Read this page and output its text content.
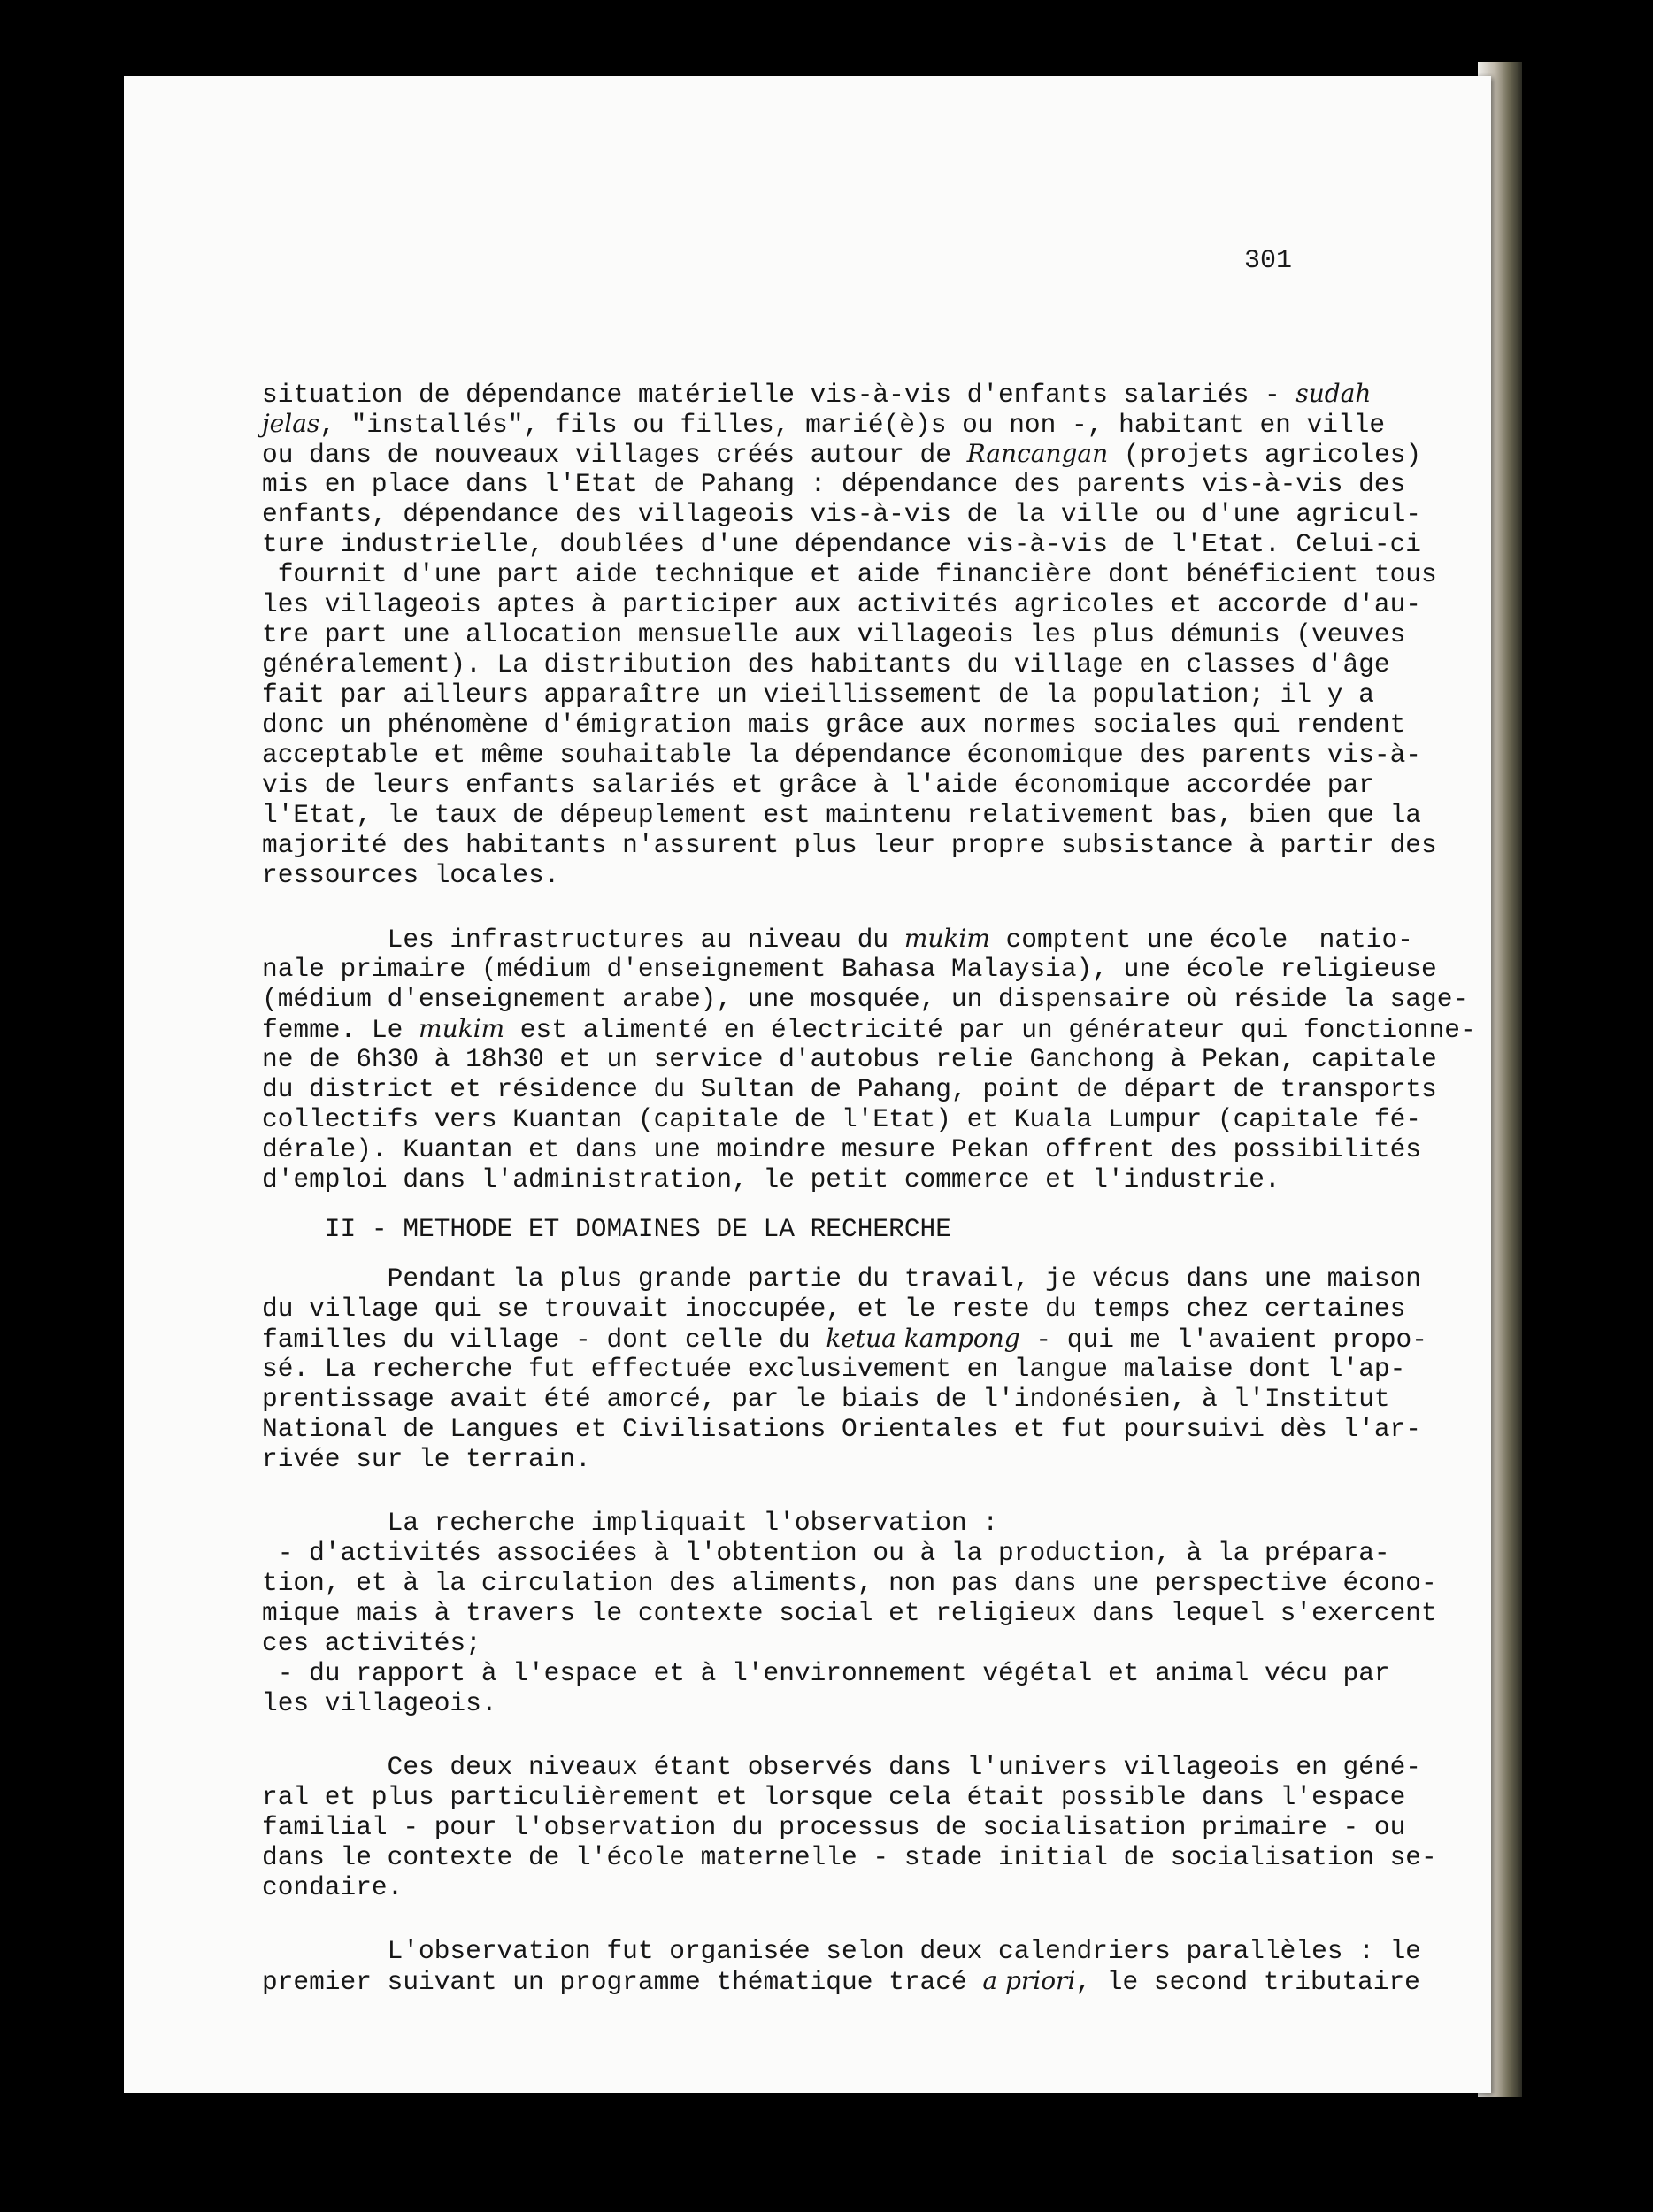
301
situation de dépendance matérielle vis-à-vis d'enfants salariés - sudah
jelas, "installés", fils ou filles, marié(è)s ou non -, habitant en ville
ou dans de nouveaux villages créés autour de Rancangan (projets agricoles)
mis en place dans l'Etat de Pahang : dépendance des parents vis-à-vis des
enfants, dépendance des villageois vis-à-vis de la ville ou d'une agricul-
ture industrielle, doublées d'une dépendance vis-à-vis de l'Etat. Celui-ci
fournit d'une part aide technique et aide financière dont bénéficient tous
les villageois aptes à participer aux activités agricoles et accorde d'au-
tre part une allocation mensuelle aux villageois les plus démunis (veuves
généralement). La distribution des habitants du village en classes d'âge
fait par ailleurs apparaître un vieillissement de la population; il y a
donc un phénomène d'émigration mais grâce aux normes sociales qui rendent
acceptable et même souhaitable la dépendance économique des parents vis-à-
vis de leurs enfants salariés et grâce à l'aide économique accordée par
l'Etat, le taux de dépeuplement est maintenu relativement bas, bien que la
majorité des habitants n'assurent plus leur propre subsistance à partir des
ressources locales.
Les infrastructures au niveau du mukim comptent une école  natio-
nale primaire (médium d'enseignement Bahasa Malaysia), une école religieuse
(médium d'enseignement arabe), une mosquée, un dispensaire où réside la sage-
femme. Le mukim est alimenté en électricité par un générateur qui fonctionne-
ne de 6h30 à 18h30 et un service d'autobus relie Ganchong à Pekan, capitale
du district et résidence du Sultan de Pahang, point de départ de transports
collectifs vers Kuantan (capitale de l'Etat) et Kuala Lumpur (capitale fé-
dérale). Kuantan et dans une moindre mesure Pekan offrent des possibilités
d'emploi dans l'administration, le petit commerce et l'industrie.
II - METHODE ET DOMAINES DE LA RECHERCHE
Pendant la plus grande partie du travail, je vécus dans une maison
du village qui se trouvait inoccupée, et le reste du temps chez certaines
familles du village - dont celle du ketua kampong - qui me l'avaient propo-
sé. La recherche fut effectuée exclusivement en langue malaise dont l'ap-
prentissage avait été amorcé, par le biais de l'indonésien, à l'Institut
National de Langues et Civilisations Orientales et fut poursuivi dès l'ar-
rivée sur le terrain.
La recherche impliquait l'observation :
- d'activités associées à l'obtention ou à la production, à la prépara-
tion, et à la circulation des aliments, non pas dans une perspective écono-
mique mais à travers le contexte social et religieux dans lequel s'exercent
ces activités;
- du rapport à l'espace et à l'environnement végétal et animal vécu par
les villageois.
Ces deux niveaux étant observés dans l'univers villageois en géné-
ral et plus particulièrement et lorsque cela était possible dans l'espace
familial - pour l'observation du processus de socialisation primaire - ou
dans le contexte de l'école maternelle - stade initial de socialisation se-
condaire.
L'observation fut organisée selon deux calendriers parallèles : le
premier suivant un programme thématique tracé a priori, le second tributaire
